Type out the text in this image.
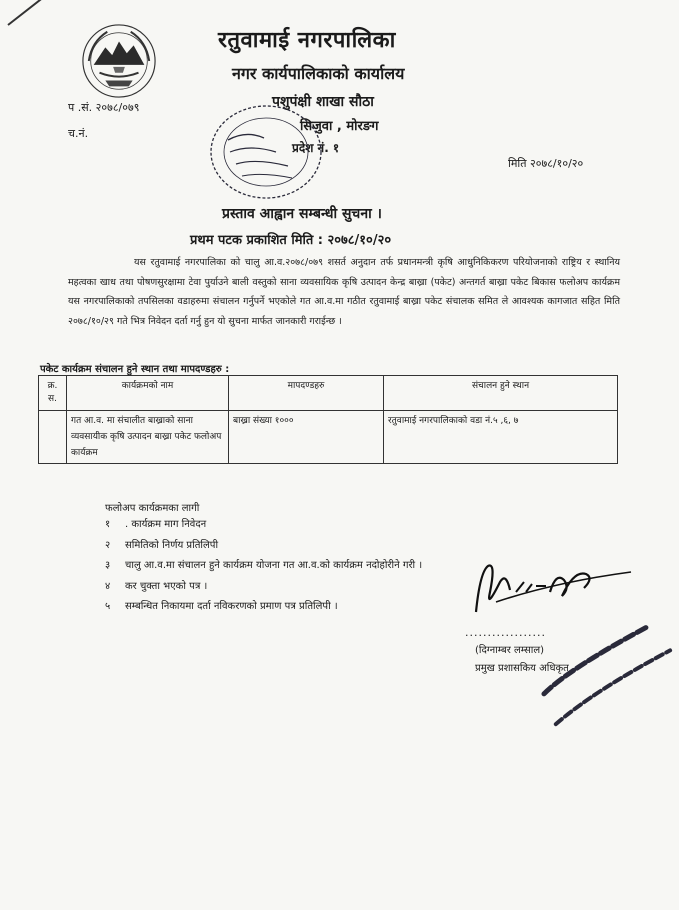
रतुवामाई नगरपालिका
नगर कार्यपालिकाको कार्यालय
पशुपंक्षी शाखा सौठा
सिजुवा , मोरङग
प्रदेश नं. १
प .सं. २०७८/०७९
च.नं.
मिति २०७८/१०/२०
प्रस्ताव आह्वान सम्बन्धी सुचना ।
प्रथम पटक प्रकाशित मिति : २०७८/१०/२०
यस रतुवामाई नगरपालिका को चालु आ.व.२०७८/०७९ शसर्त अनुदान तर्फ प्रधानमन्त्री कृषि आधुनिकिकरण परियोजनाको राष्ट्रिय र स्थानिय महत्वका खाध तथा पोषणसुरक्षामा टेवा पुर्याउने बाली वस्तुको साना व्यवसायिक कृषि उत्पादन केन्द्र बाख्रा (पकेट) अन्तगर्त बाख्रा पकेट बिकास फलोअप कार्यक्रम यस नगरपालिकाको तपसिलका वडाहरुमा संचालन गर्नुपर्ने भएकोले गत आ.व.मा गठीत रतुवामाई बाख्रा पकेट संचालक समित ले आवश्यक कागजात सहित मिति २०७८/१०/२९ गते भित्र निवेदन दर्ता गर्नु हुन यो सुचना मार्फत जानकारी गराईन्छ ।
पकेट कार्यक्रम संचालन हुने स्थान तथा मापदण्डहरु :
क्र. स.	कार्यक्रमको नाम	मापदण्डहरु	संचालन हुने स्थान
	गत आ.व. मा संचालीत बाख्राको साना व्यवसायीक कृषि उत्पादन बाख्रा पकेट फलोअप कार्यक्रम	बाख्रा संख्या १०००	रतुवामाई नगरपालिकाको वडा नं.५ ,६, ७
फलोअप कार्यक्रमका लागी
१ . कार्यक्रम माग निवेदन
२ समितिको निर्णय प्रतिलिपी
३ चालु आ.व.मा संचालन हुने कार्यक्रम योजना गत आ.व.को कार्यक्रम नदोहोरीने गरी ।
४ कर चुक्ता भएको पत्र ।
५ सम्बन्धित निकायमा दर्ता नविकरणको प्रमाण पत्र प्रतिलिपी ।
..................
(दिग्नाम्बर लम्साल)
प्रमुख प्रशासकिय अधिकृत
